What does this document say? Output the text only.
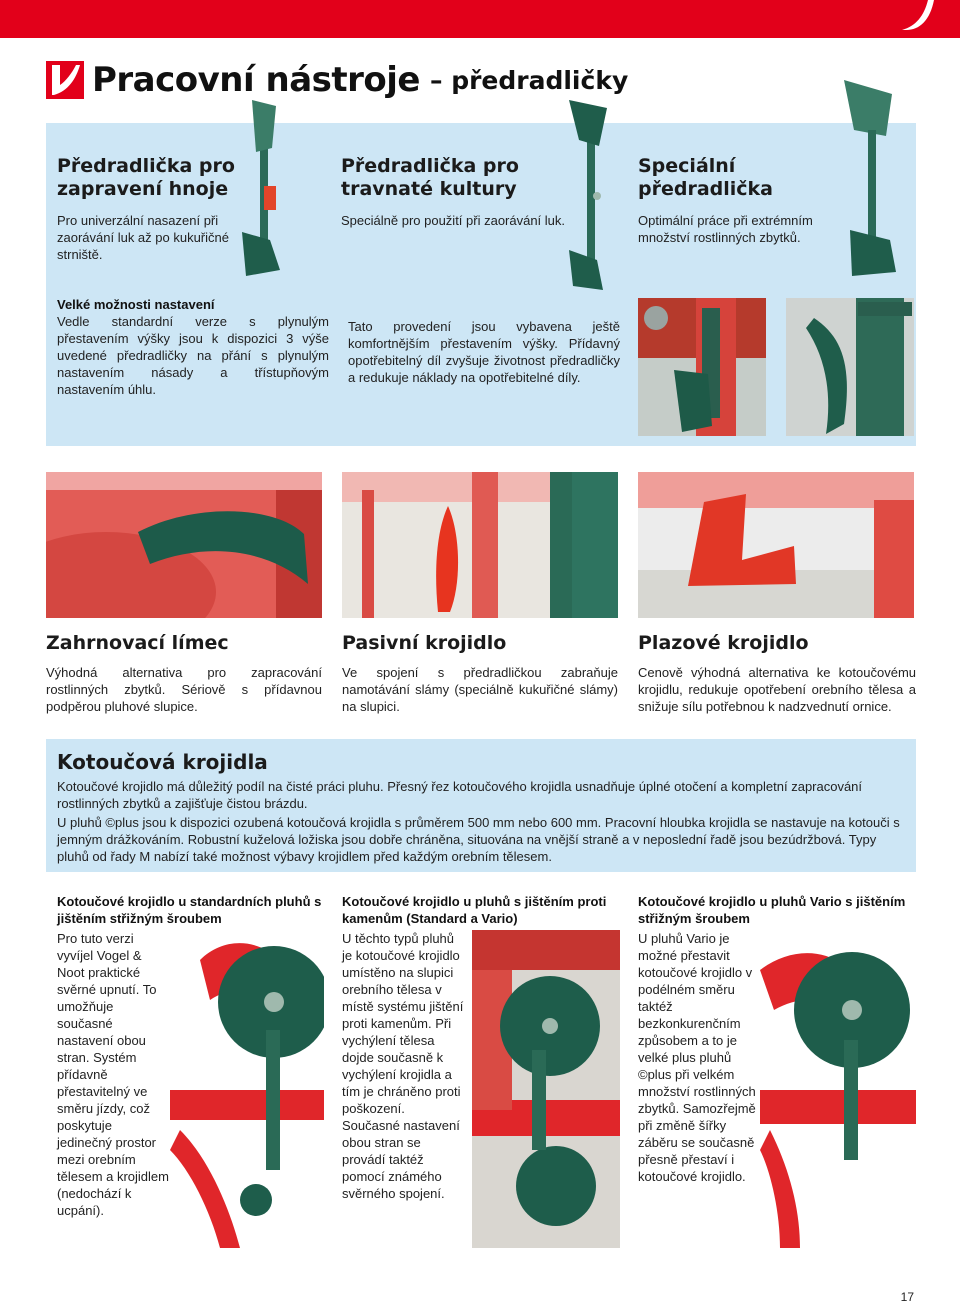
Pracovní nástroje – předradličky
Předradlička pro zapravení hnoje
Pro univerzální nasazení při zaorávání luk až po kukuřičné strniště.
Předradlička pro travnaté kultury
Speciálně pro použití při zaorávání luk.
Speciální předradlička
Optimální práce při extrémním množství rostlinných zbytků.
Velké možnosti nastavení
Vedle standardní verze s plynulým přestavením výšky jsou k dispozici 3 výše uvedené předradličky na přání s plynulým nastavením násady a třístupňovým nastavením úhlu.
Tato provedení jsou vybavena ještě komfortnějším přestavením výšky. Přídavný opotřebitelný díl zvyšuje životnost předradličky a redukuje náklady na opotřebitelné díly.
Zahrnovací límec
Výhodná alternativa pro zapracování rostlinných zbytků. Sériově s přídavnou podpěrou pluhové slupice.
Pasivní krojidlo
Ve spojení s předradličkou zabraňuje namotávání slámy (speciálně kukuřičné slámy) na slupici.
Plazové krojidlo
Cenově výhodná alternativa ke kotoučovému krojidlu, redukuje opotřebení orebního tělesa a snižuje sílu potřebnou k nadzvednutí ornice.
Kotoučová krojidla
Kotoučové krojidlo má důležitý podíl na čisté práci pluhu. Přesný řez kotoučového krojidla usnadňuje úplné otočení a kompletní zapracování rostlinných zbytků a zajišťuje čistou brázdu.
U pluhů ©plus jsou k dispozici ozubená kotoučová krojidla s průměrem 500 mm nebo 600 mm. Pracovní hloubka krojidla se nastavuje na kotouči s jemným drážkováním. Robustní kuželová ložiska jsou dobře chráněna, situována na vnější straně a v neposlední řadě jsou bezúdržbová. Typy pluhů od řady M nabízí také možnost výbavy krojidlem před každým orebním tělesem.
Kotoučové krojidlo u standardních pluhů s jištěním střižným šroubem
Pro tuto verzi vyvíjel Vogel & Noot praktické svěrné upnutí. To umožňuje současné nastavení obou stran. Systém přídavně přestavitelný ve směru jízdy, což poskytuje jedinečný prostor mezi orebním tělesem a krojidlem (nedochází k ucpání).
Kotoučové krojidlo u pluhů s jištěním proti kamenům (Standard a Vario)
U těchto typů pluhů je kotoučové krojidlo umístěno na slupici orebního tělesa v místě systému jištění proti kamenům. Při vychýlení tělesa dojde současně k vychýlení krojidla a tím je chráněno proti poškození. Současné nastavení obou stran se provádí taktéž pomocí známého svěrného spojení.
Kotoučové krojidlo u pluhů Vario s jištěním střižným šroubem
U pluhů Vario je možné přestavit kotoučové krojidlo v podélném směru taktéž bezkonkurenčním způsobem a to je velké plus pluhů ©plus při velkém množství rostlinných zbytků. Samozřejmě při změně šířky záběru se současně přesně přestaví i kotoučové krojidlo.
17
